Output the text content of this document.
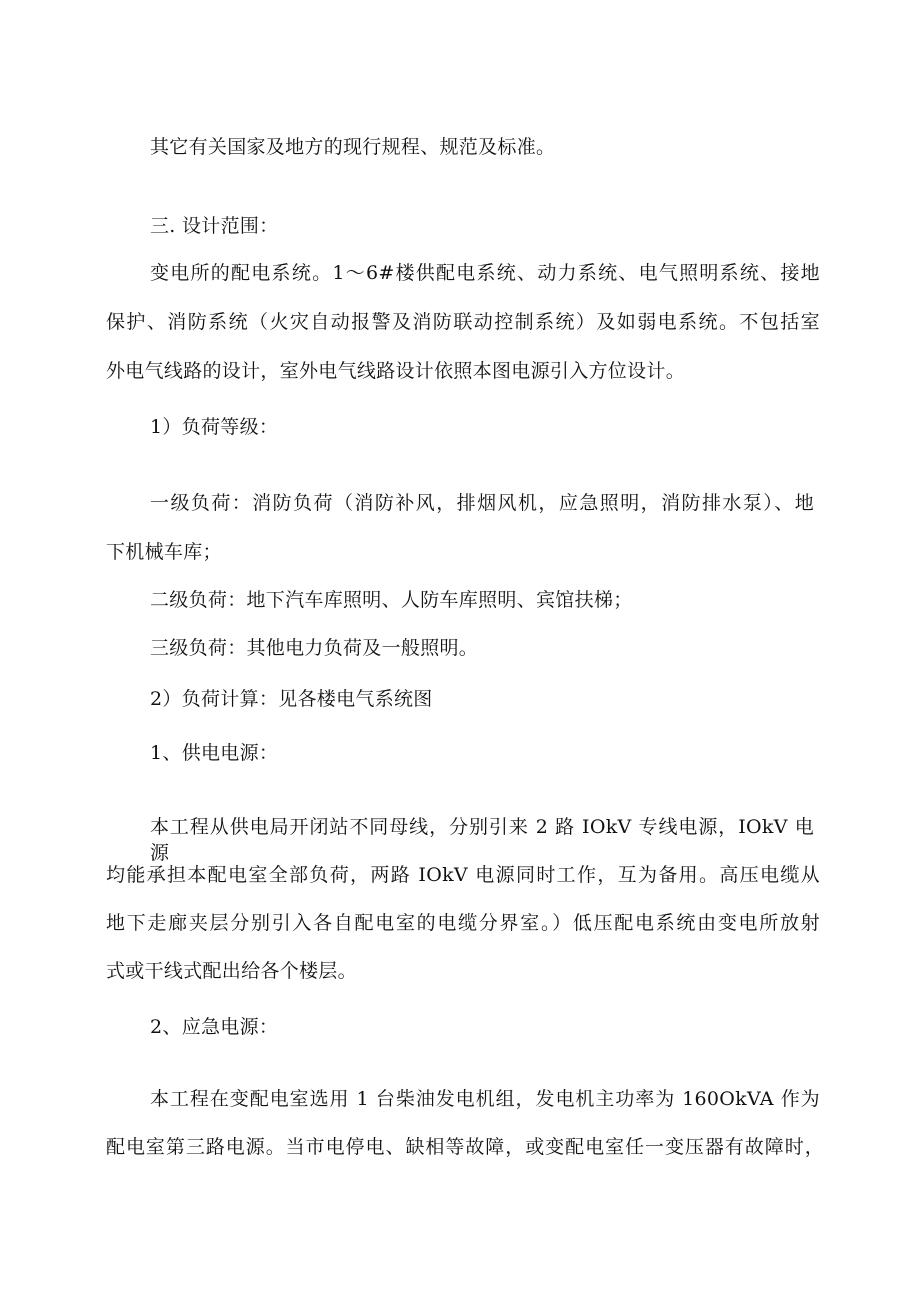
其它有关国家及地方的现行规程、规范及标准。
三. 设计范围：
变电所的配电系统。1～6#楼供配电系统、动力系统、电气照明系统、接地
保护、消防系统（火灾自动报警及消防联动控制系统）及如弱电系统。不包括室
外电气线路的设计，室外电气线路设计依照本图电源引入方位设计。
1）负荷等级：
一级负荷：消防负荷（消防补风，排烟风机，应急照明，消防排水泵）、地
下机械车库；
二级负荷：地下汽车库照明、人防车库照明、宾馆扶梯；
三级负荷：其他电力负荷及一般照明。
2）负荷计算：见各楼电气系统图
1、供电电源：
本工程从供电局开闭站不同母线，分别引来 2 路 IOkV 专线电源，IOkV 电源
均能承担本配电室全部负荷，两路 IOkV 电源同时工作，互为备用。高压电缆从
地下走廊夹层分别引入各自配电室的电缆分界室。）低压配电系统由变电所放射
式或干线式配出给各个楼层。
2、应急电源：
本工程在变配电室选用 1 台柴油发电机组，发电机主功率为 160OkVA 作为
配电室第三路电源。当市电停电、缺相等故障，或变配电室任一变压器有故障时，
